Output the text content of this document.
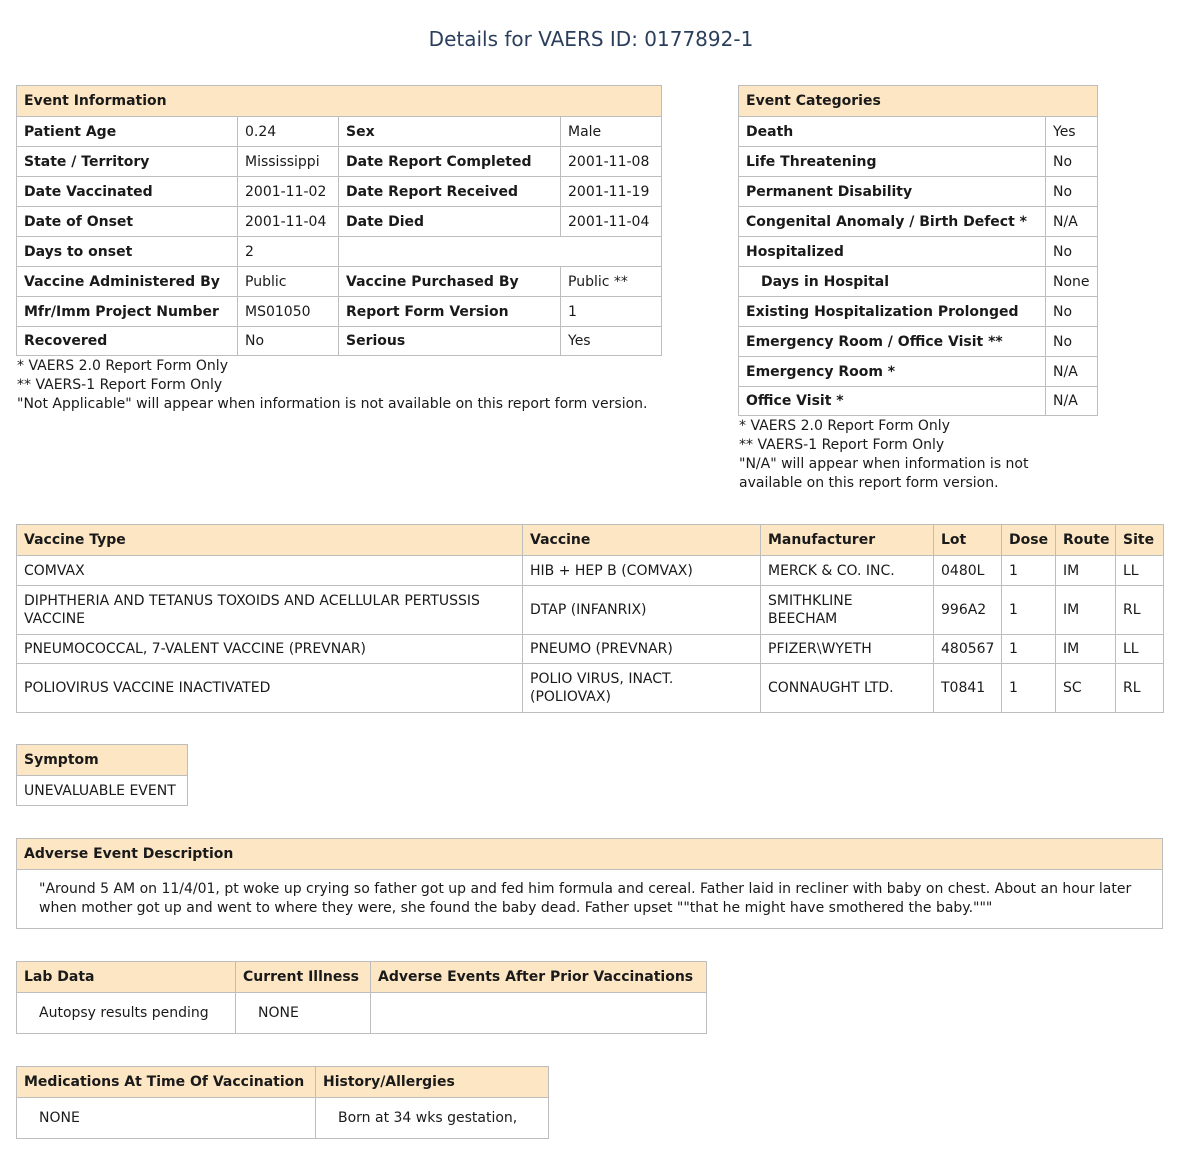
Details for VAERS ID: 0177892-1
Event Information			
Patient Age	0.24	Sex	Male
State / Territory	Mississippi	Date Report Completed	2001-11-08
Date Vaccinated	2001-11-02	Date Report Received	2001-11-19
Date of Onset	2001-11-04	Date Died	2001-11-04
Days to onset	2		
Vaccine Administered By	Public	Vaccine Purchased By	Public **
Mfr/Imm Project Number	MS01050	Report Form Version	1
Recovered	No	Serious	Yes
* VAERS 2.0 Report Form Only
** VAERS-1 Report Form Only
"Not Applicable" will appear when information is not available on this report form version.
Event Categories	
Death	Yes
Life Threatening	No
Permanent Disability	No
Congenital Anomaly / Birth Defect *	N/A
Hospitalized	No
Days in Hospital	None
Existing Hospitalization Prolonged	No
Emergency Room / Office Visit **	No
Emergency Room *	N/A
Office Visit *	N/A
* VAERS 2.0 Report Form Only
** VAERS-1 Report Form Only
"N/A" will appear when information is not available on this report form version.
Vaccine Type	Vaccine	Manufacturer	Lot	Dose	Route	Site
COMVAX	HIB + HEP B (COMVAX)	MERCK & CO. INC.	0480L	1	IM	LL
DIPHTHERIA AND TETANUS TOXOIDS AND ACELLULAR PERTUSSIS VACCINE	DTAP (INFANRIX)	SMITHKLINE BEECHAM	996A2	1	IM	RL
PNEUMOCOCCAL, 7-VALENT VACCINE (PREVNAR)	PNEUMO (PREVNAR)	PFIZER\WYETH	480567	1	IM	LL
POLIOVIRUS VACCINE INACTIVATED	POLIO VIRUS, INACT. (POLIOVAX)	CONNAUGHT LTD.	T0841	1	SC	RL
Symptom
UNEVALUABLE EVENT
Adverse Event Description
"Around 5 AM on 11/4/01, pt woke up crying so father got up and fed him formula and cereal. Father laid in recliner with baby on chest. About an hour later when mother got up and went to where they were, she found the baby dead. Father upset ""that he might have smothered the baby."""
Lab Data	Current Illness	Adverse Events After Prior Vaccinations
Autopsy results pending	NONE	
Medications At Time Of Vaccination	History/Allergies
NONE	Born at 34 wks gestation,
